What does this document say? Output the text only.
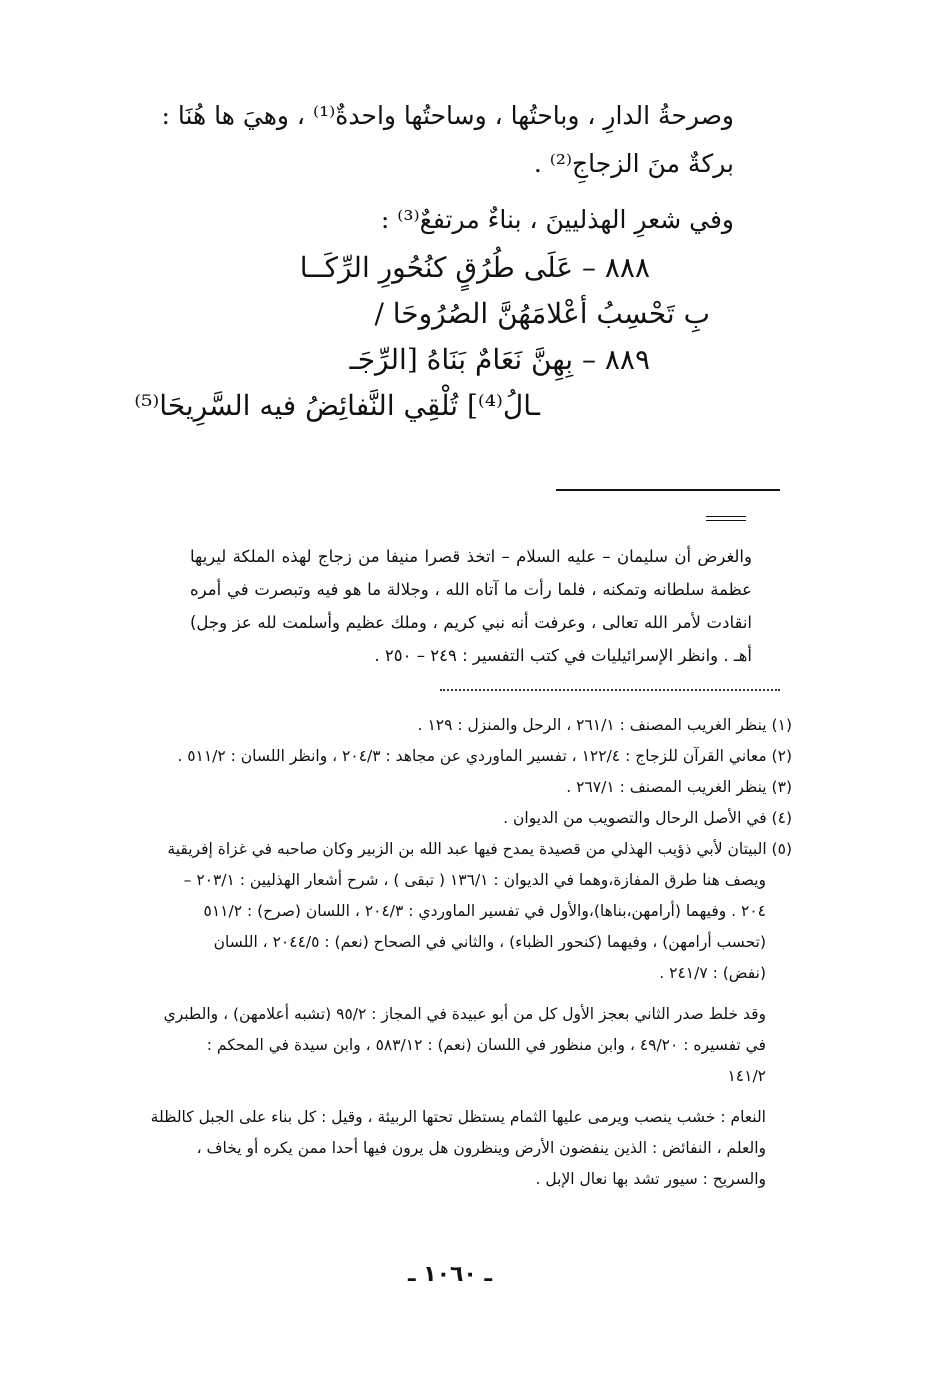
وصرحةُ الدارِ ، وباحتُها ، وساحتُها واحدةٌ⁽¹⁾ ، وهيَ ها هُنَا :
بركةٌ منَ الزجاجِ⁽²⁾ .
وفي شعرِ الهذليينَ ، بناءٌ مرتفعٌ⁽³⁾ :
٨٨٨ – عَلَى طُرُقٍ كنُحُورِ الرِّكَــا
بِ تَحْسِبُ أعْلامَهُنَّ الصُرُوحَا /
٨٨٩ – بِهِنَّ نَعَامٌ بَنَاهُ [الرِّجَـ
ـالُ⁽⁴⁾] تُلْقِي النَّفائِضُ فيه السَّرِيحَا⁽⁵⁾
والغرض أن سليمان – عليه السلام – اتخذ قصرا منيفا من زجاج لهذه الملكة ليريها عظمة سلطانه وتمكنه ، فلما رأت ما آتاه الله ، وجلالة ما هو فيه وتبصرت في أمره انقادت لأمر الله تعالى ، وعرفت أنه نبي كريم ، وملك عظيم وأسلمت لله عز وجل) أهـ . وانظر الإسرائيليات في كتب التفسير : ٢٤٩ – ٢٥٠ .
(١) ينظر الغريب المصنف : ٢٦١/١ ، الرحل والمنزل : ١٢٩ .
(٢) معاني القرآن للزجاج : ١٢٢/٤ ، تفسير الماوردي عن مجاهد : ٢٠٤/٣ ، وانظر اللسان : ٥١١/٢ .
(٣) ينظر الغريب المصنف : ٢٦٧/١ .
(٤) في الأصل الرحال والتصويب من الديوان .
(٥) البيتان لأبي ذؤيب الهذلي من قصيدة يمدح فيها عبد الله بن الزبير وكان صاحبه في غزاة إفريقية
ويصف هنا طرق المفازة،وهما في الديوان : ١٣٦/١ ( تبقى ) ، شرح أشعار الهذليين : ٢٠٣/١ –
٢٠٤ . وفيهما (أرامهن،بناها)،والأول في تفسير الماوردي : ٢٠٤/٣ ، اللسان (صرح) : ٥١١/٢
(تحسب أرامهن) ، وفيهما (كنحور الظباء) ، والثاني في الصحاح (نعم) : ٢٠٤٤/٥ ، اللسان
(نفض) : ٢٤١/٧ .
وقد خلط صدر الثاني بعجز الأول كل من أبو عبيدة في المجاز : ٩٥/٢ (تشبه أعلامهن) ، والطبري
في تفسيره : ٤٩/٢٠ ، وابن منظور في اللسان (نعم) : ٥٨٣/١٢ ، وابن سيدة في المحكم :
١٤١/٢
النعام : خشب ينصب ويرمى عليها الثمام يستظل تحتها الربيئة ، وقيل : كل بناء على الجبل كالظلة
والعلم ، النفائض : الذين ينفضون الأرض وينظرون هل يرون فيها أحدا ممن يكره أو يخاف ،
والسريح : سيور تشد بها نعال الإبل .
ـ ١٠٦٠ ـ
